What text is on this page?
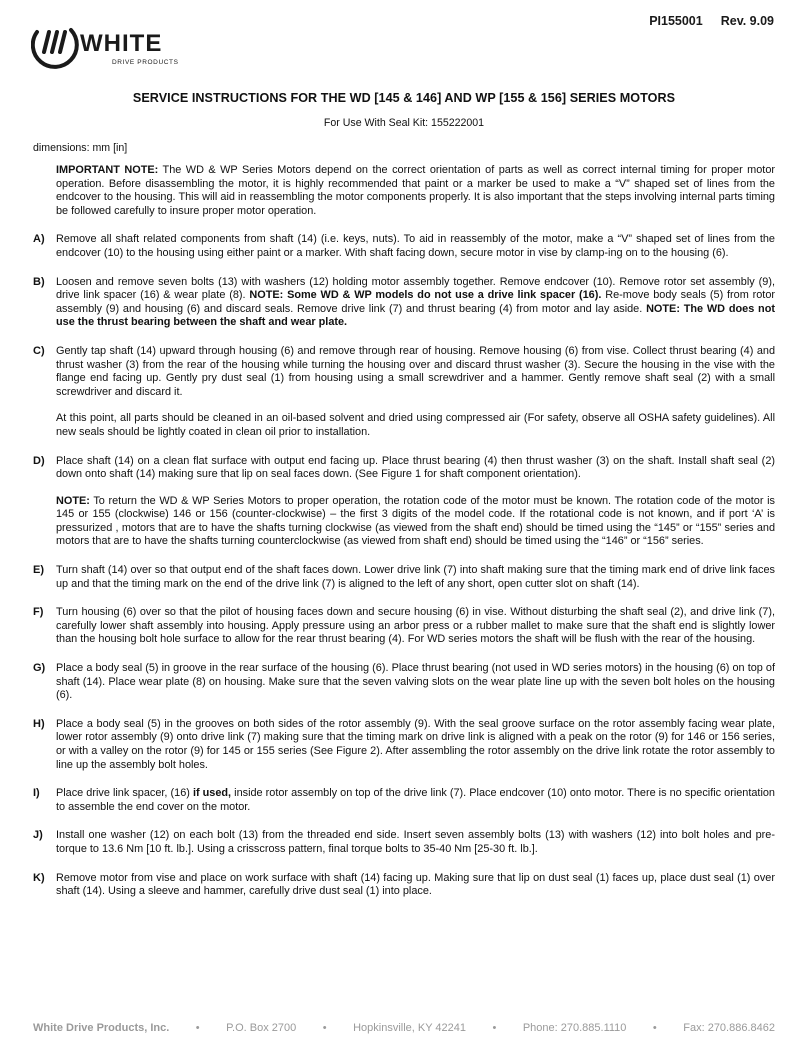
WHITE
DRIVE PRODUCTS
PI155001 Rev. 9.09
SERVICE INSTRUCTIONS FOR THE WD [145 & 146] AND WP [155 & 156] SERIES MOTORS
For Use With Seal Kit: 155222001
dimensions: mm [in]

IMPORTANT NOTE: The WD & WP Series Motors depend on the correct orientation of parts as well as correct internal timing for proper motor operation. Before disassembling the motor, it is highly recommended that paint or a marker be used to make a “V” shaped set of lines from the endcover to the housing. This will aid in reassembling the motor components properly. It is also important that the steps involving internal parts timing be followed carefully to insure proper motor operation.

A) Remove all shaft related components from shaft (14) (i.e. keys, nuts). To aid in reassembly of the motor, make a “V” shaped set of lines from the endcover (10) to the housing using either paint or a marker. With shaft facing down, secure motor in vise by clamp-ing on to the housing (6).

B) Loosen and remove seven bolts (13) with washers (12) holding motor assembly together. Remove endcover (10). Remove rotor set assembly (9), drive link spacer (16) & wear plate (8). NOTE: Some WD & WP models do not use a drive link spacer (16). Re-move body seals (5) from rotor assembly (9) and housing (6) and discard seals. Remove drive link (7) and thrust bearing (4) from motor and lay aside. NOTE: The WD does not use the thrust bearing between the shaft and wear plate.

C) Gently tap shaft (14) upward through housing (6) and remove through rear of housing. Remove housing (6) from vise. Collect thrust bearing (4) and thrust washer (3) from the rear of the housing while turning the housing over and discard thrust washer (3). Secure the housing in the vise with the flange end facing up. Gently pry dust seal (1) from housing using a small screwdriver and a hammer. Gently remove shaft seal (2) with a small screwdriver and discard it.

At this point, all parts should be cleaned in an oil-based solvent and dried using compressed air (For safety, observe all OSHA safety guidelines). All new seals should be lightly coated in clean oil prior to installation.

D) Place shaft (14) on a clean flat surface with output end facing up. Place thrust bearing (4) then thrust washer (3) on the shaft. Install shaft seal (2) down onto shaft (14) making sure that lip on seal faces down. (See Figure 1 for shaft component orientation).

NOTE: To return the WD & WP Series Motors to proper operation, the rotation code of the motor must be known. The rotation code of the motor is 145 or 155 (clockwise) 146 or 156 (counter-clockwise) – the first 3 digits of the model code. If the rotational code is not known, and if port ‘A’ is pressurized , motors that are to have the shafts turning clockwise (as viewed from the shaft end) should be timed using the “145” or “155” series and motors that are to have the shafts turning counterclockwise (as viewed from shaft end) should be timed using the “146” or “156” series.

E) Turn shaft (14) over so that output end of the shaft faces down. Lower drive link (7) into shaft making sure that the timing mark end of drive link faces up and that the timing mark on the end of the drive link (7) is aligned to the left of any short, open cutter slot on shaft (14).

F) Turn housing (6) over so that the pilot of housing faces down and secure housing (6) in vise. Without disturbing the shaft seal (2), and drive link (7), carefully lower shaft assembly into housing. Apply pressure using an arbor press or a rubber mallet to make sure that the shaft end is slightly lower than the housing bolt hole surface to allow for the rear thrust bearing (4). For WD series motors the shaft will be flush with the rear of the housing.

G) Place a body seal (5) in groove in the rear surface of the housing (6). Place thrust bearing (not used in WD series motors) in the housing (6) on top of shaft (14). Place wear plate (8) on housing. Make sure that the seven valving slots on the wear plate line up with the seven bolt holes on the housing (6).

H) Place a body seal (5) in the grooves on both sides of the rotor assembly (9). With the seal groove surface on the rotor assembly facing wear plate, lower rotor assembly (9) onto drive link (7) making sure that the timing mark on drive link is aligned with a peak on the rotor (9) for 146 or 156 series, or with a valley on the rotor (9) for 145 or 155 series (See Figure 2). After assembling the rotor assembly on the drive link rotate the rotor assembly to line up the assembly bolt holes.

I) Place drive link spacer, (16) if used, inside rotor assembly on top of the drive link (7). Place endcover (10) onto motor. There is no specific orientation to assemble the end cover on the motor.

J) Install one washer (12) on each bolt (13) from the threaded end side. Insert seven assembly bolts (13) with washers (12) into bolt holes and pre-torque to 13.6 Nm [10 ft. lb.]. Using a crisscross pattern, final torque bolts to 35-40 Nm [25-30 ft. lb.].

K) Remove motor from vise and place on work surface with shaft (14) facing up. Making sure that lip on dust seal (1) faces up, place dust seal (1) over shaft (14). Using a sleeve and hammer, carefully drive dust seal (1) into place.

White Drive Products, Inc. • P.O. Box 2700 • Hopkinsville, KY 42241 • Phone: 270.885.1110 • Fax: 270.886.8462
